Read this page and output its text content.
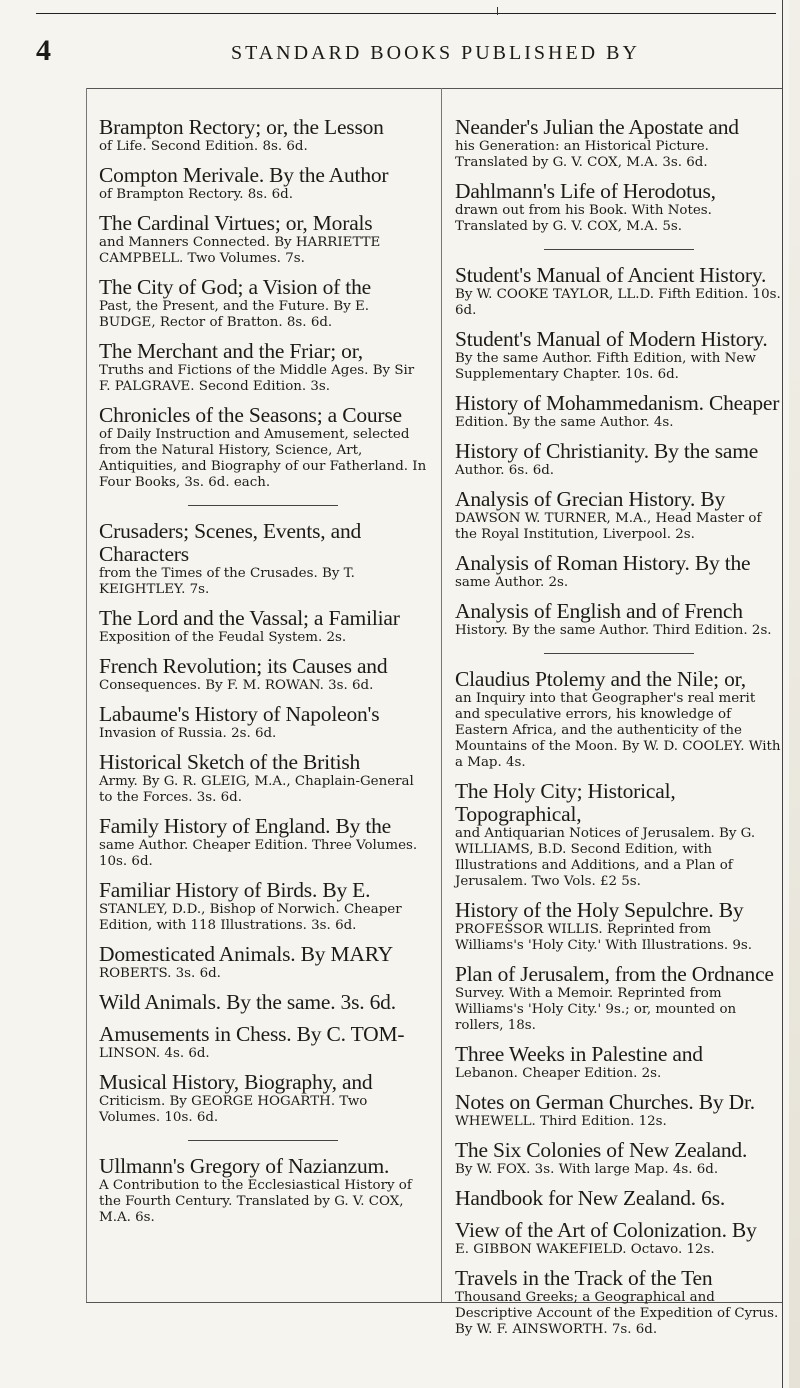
4	STANDARD BOOKS PUBLISHED BY
Brampton Rectory; or, the Lesson
of Life. Second Edition. 8s. 6d.
Compton Merivale. By the Author
of Brampton Rectory. 8s. 6d.
The Cardinal Virtues; or, Morals
and Manners Connected. By HARRIETTE CAMPBELL. Two Volumes. 7s.
The City of God; a Vision of the
Past, the Present, and the Future. By E. BUDGE, Rector of Bratton. 8s. 6d.
The Merchant and the Friar; or,
Truths and Fictions of the Middle Ages. By Sir F. PALGRAVE. Second Edition. 3s.
Chronicles of the Seasons; a Course
of Daily Instruction and Amusement, selected from the Natural History, Science, Art, Antiquities, and Biography of our Fatherland. In Four Books, 3s. 6d. each.
Crusaders; Scenes, Events, and Characters
from the Times of the Crusades. By T. KEIGHTLEY. 7s.
The Lord and the Vassal; a Familiar
Exposition of the Feudal System. 2s.
French Revolution; its Causes and
Consequences. By F. M. ROWAN. 3s. 6d.
Labaume's History of Napoleon's
Invasion of Russia. 2s. 6d.
Historical Sketch of the British
Army. By G. R. GLEIG, M.A., Chaplain-General to the Forces. 3s. 6d.
Family History of England. By the
same Author. Cheaper Edition. Three Volumes. 10s. 6d.
Familiar History of Birds. By E.
STANLEY, D.D., Bishop of Norwich. Cheaper Edition, with 118 Illustrations. 3s. 6d.
Domesticated Animals. By MARY
ROBERTS. 3s. 6d.
Wild Animals. By the same. 3s. 6d.
Amusements in Chess. By C. TOM-
LINSON. 4s. 6d.
Musical History, Biography, and
Criticism. By GEORGE HOGARTH. Two Volumes. 10s. 6d.
Ullmann's Gregory of Nazianzum.
A Contribution to the Ecclesiastical History of the Fourth Century. Translated by G. V. COX, M.A. 6s.
Neander's Julian the Apostate and
his Generation: an Historical Picture. Translated by G. V. COX, M.A. 3s. 6d.
Dahlmann's Life of Herodotus,
drawn out from his Book. With Notes. Translated by G. V. COX, M.A. 5s.
Student's Manual of Ancient History.
By W. COOKE TAYLOR, LL.D. Fifth Edition. 10s. 6d.
Student's Manual of Modern History.
By the same Author. Fifth Edition, with New Supplementary Chapter. 10s. 6d.
History of Mohammedanism. Cheaper
Edition. By the same Author. 4s.
History of Christianity. By the same
Author. 6s. 6d.
Analysis of Grecian History. By
DAWSON W. TURNER, M.A., Head Master of the Royal Institution, Liverpool. 2s.
Analysis of Roman History. By the
same Author. 2s.
Analysis of English and of French
History. By the same Author. Third Edition. 2s.
Claudius Ptolemy and the Nile; or,
an Inquiry into that Geographer's real merit and speculative errors, his knowledge of Eastern Africa, and the authenticity of the Mountains of the Moon. By W. D. COOLEY. With a Map. 4s.
The Holy City; Historical, Topographical,
and Antiquarian Notices of Jerusalem. By G. WILLIAMS, B.D. Second Edition, with Illustrations and Additions, and a Plan of Jerusalem. Two Vols. £2 5s.
History of the Holy Sepulchre. By
PROFESSOR WILLIS. Reprinted from Williams's 'Holy City.' With Illustrations. 9s.
Plan of Jerusalem, from the Ordnance
Survey. With a Memoir. Reprinted from Williams's 'Holy City.' 9s.; or, mounted on rollers, 18s.
Three Weeks in Palestine and
Lebanon. Cheaper Edition. 2s.
Notes on German Churches. By Dr.
WHEWELL. Third Edition. 12s.
The Six Colonies of New Zealand.
By W. FOX. 3s. With large Map. 4s. 6d.
Handbook for New Zealand. 6s.
View of the Art of Colonization. By
E. GIBBON WAKEFIELD. Octavo. 12s.
Travels in the Track of the Ten
Thousand Greeks; a Geographical and Descriptive Account of the Expedition of Cyrus. By W. F. AINSWORTH. 7s. 6d.
